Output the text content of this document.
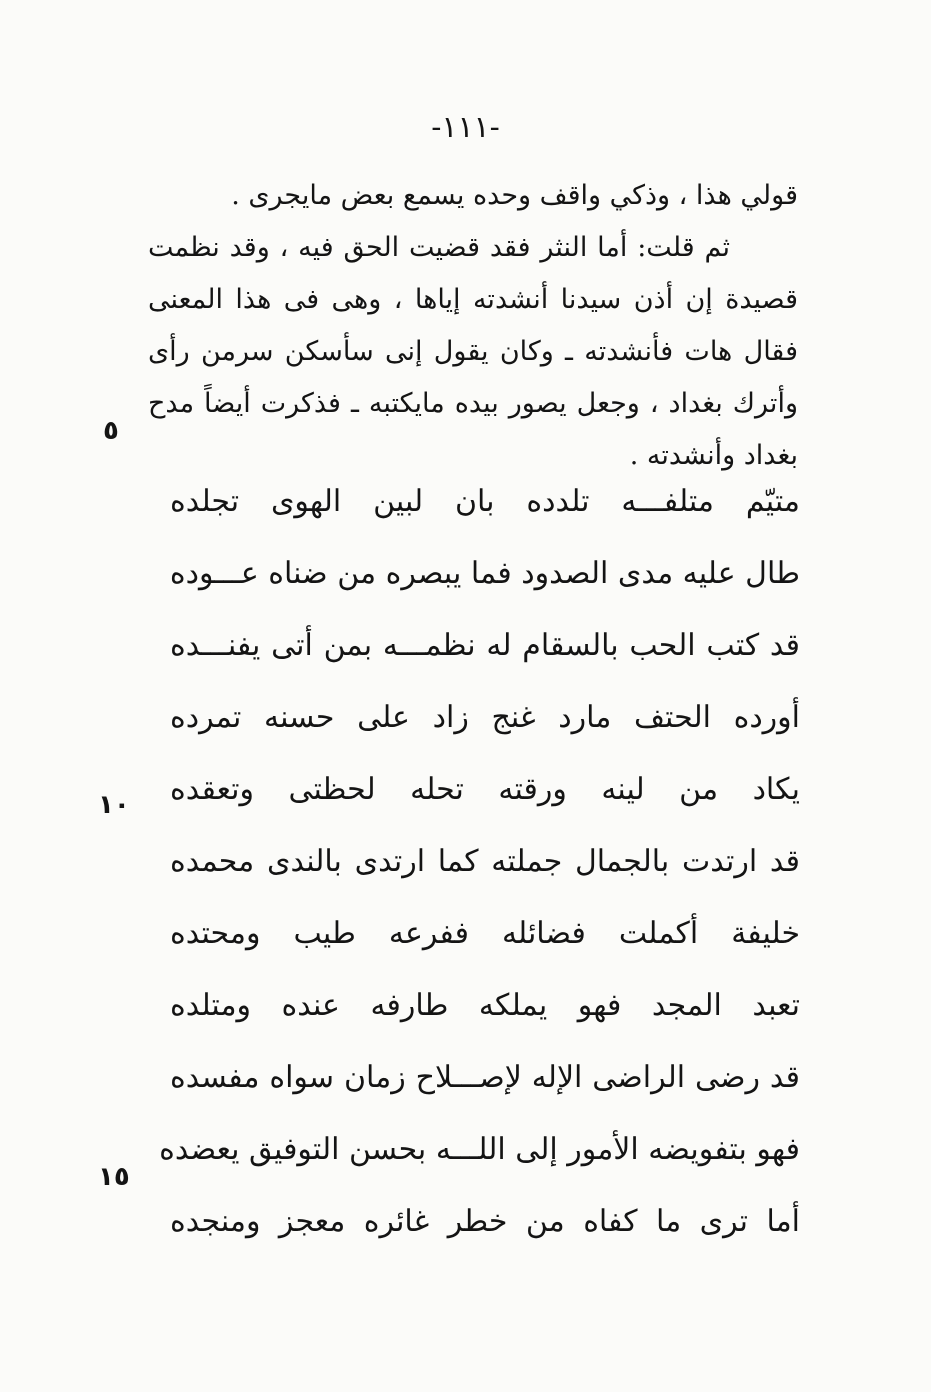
-١١١-

قولي هذا ، وذكي واقف وحده يسمع بعض مايجرى .

ثم قلت: أما النثر فقد قضيت الحق فيه ، وقد نظمت قصيدة إن أذن سيدنا أنشدته إياها ، وهى فى هذا المعنى فقال هات فأنشدته ـ وكان يقول إنى سأسكن سرمن رأى وأترك بغداد ، وجعل يصور بيده مايكتبه ـ فذكرت أيضاً مدح بغداد وأنشدته .

٥
١٠
١٥
متيّم متلفـــه تلدده بان لبين الهوى تجلده
طال عليه مدى الصدود فما يبصره من ضناه عـــوده
قد كتب الحب بالسقام له نظمـــه بمن أتى يفنـــده
أورده الحتف مارد غنج زاد على حسنه تمرده
يكاد من لينه ورقته تحله لحظتى وتعقده
قد ارتدت بالجمال جملته كما ارتدى بالندى محمده
خليفة أكملت فضائله ففرعه طيب ومحتده
تعبد المجد فهو يملكه طارفه عنده ومتلده
قد رضى الراضى الإله لإصـــلاح زمان سواه مفسده
فهو بتفويضه الأمور إلى اللـــه بحسن التوفيق يعضده
أما ترى ما كفاه من خطر غائره معجز ومنجده
